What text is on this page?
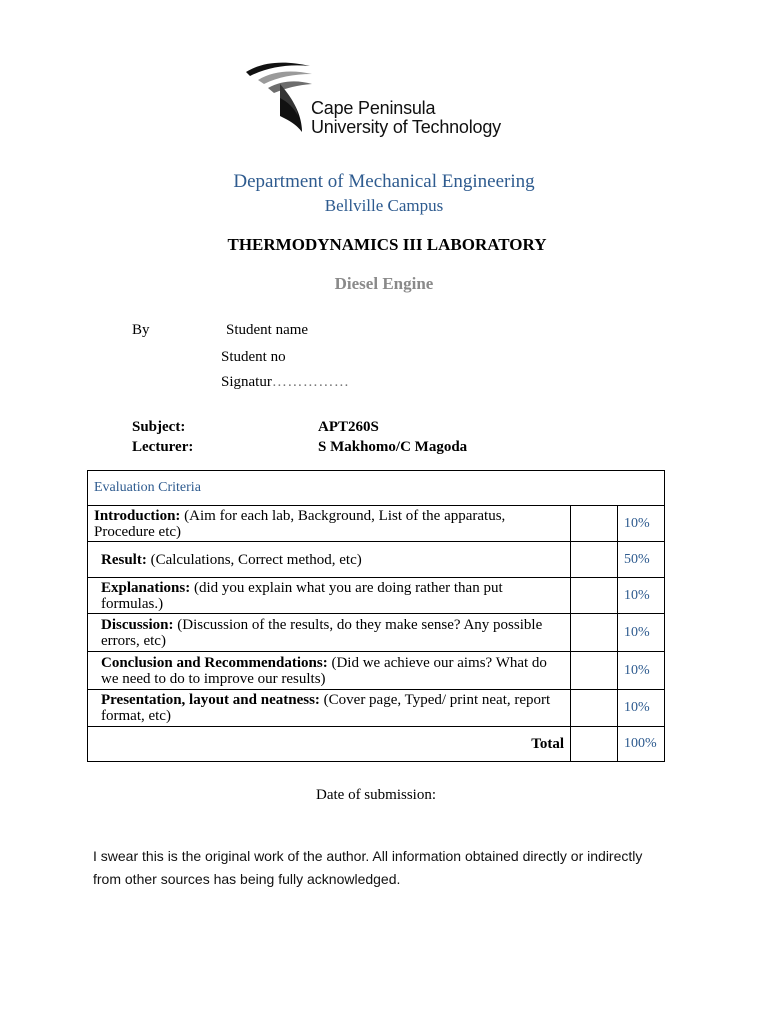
Cape Peninsula
University of Technology
Department of Mechanical Engineering
Bellville Campus
THERMODYNAMICS III LABORATORY
Diesel Engine
By	Student name
Student no
Signatur……………
Subject:	APT260S
Lecturer:	S Makhomo/C Magoda
Evaluation Criteria		
Introduction: (Aim for each lab, Background, List of the apparatus, Procedure etc)		10%
Result: (Calculations, Correct method, etc)		50%
Explanations: (did you explain what you are doing rather than put formulas.)		10%
Discussion: (Discussion of the results, do they make sense? Any possible errors, etc)		10%
Conclusion and Recommendations: (Did we achieve our aims? What do we need to do to improve our results)		10%
Presentation, layout and neatness: (Cover page, Typed/ print neat, report format, etc)		10%
Total		100%
Date of submission:
I swear this is the original work of the author. All information obtained directly or indirectly from other sources has being fully acknowledged.
